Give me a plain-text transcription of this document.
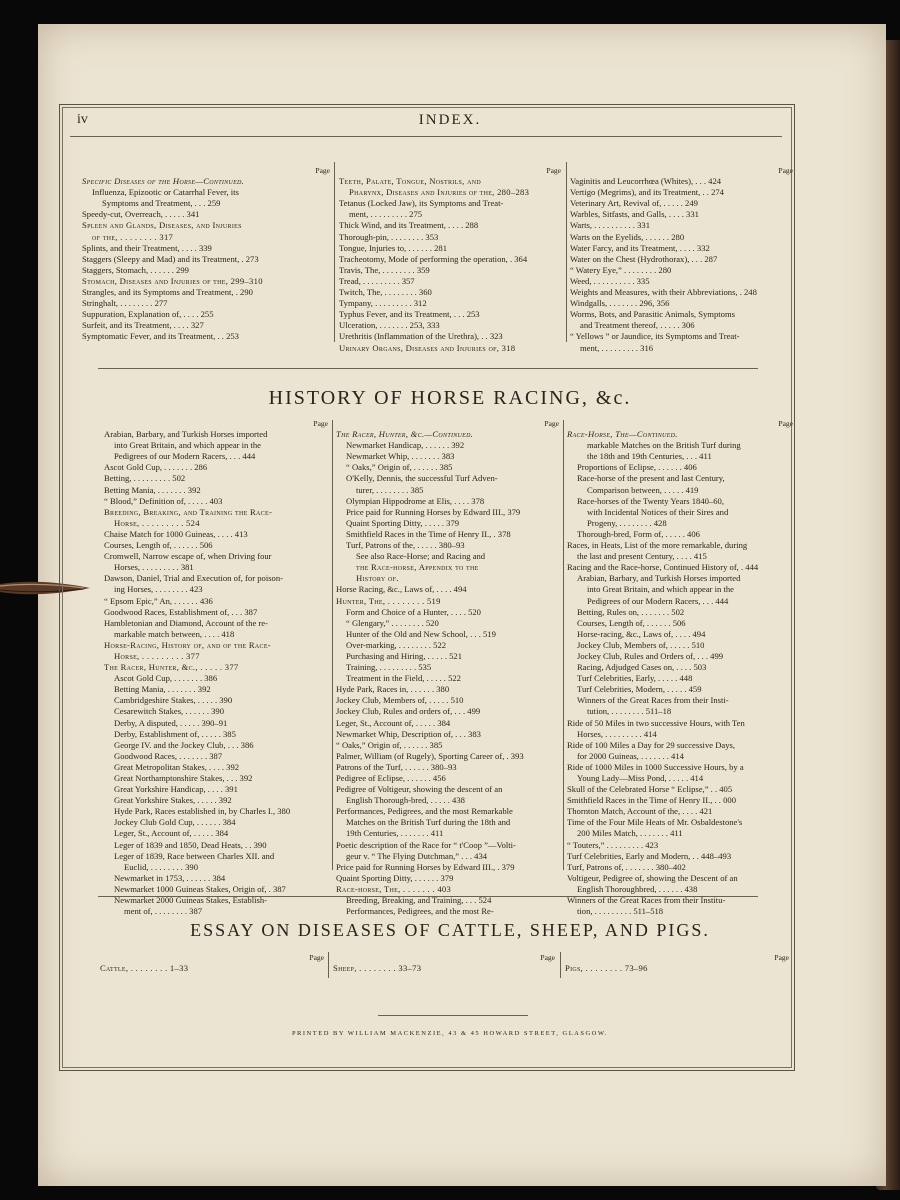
iv	INDEX.
Page
Specific Diseases of the Horse—Continued.
Influenza, Epizootic or Catarrhal Fever, its
Symptoms and Treatment, . . . 259
Speedy-cut, Overreach, . . . . . 341
Spleen and Glands, Diseases, and Injuries
of the, . . . . . . . . 317
Splints, and their Treatment, . . . . 339
Staggers (Sleepy and Mad) and its Treatment, . 273
Staggers, Stomach, . . . . . . 299
Stomach, Diseases and Injuries of the, 299–310
Strangles, and its Symptoms and Treatment, . 290
Stringhalt, . . . . . . . . 277
Suppuration, Explanation of, . . . . 255
Surfeit, and its Treatment, . . . . 327
Symptomatic Fever, and its Treatment, . . 253
Page
Teeth, Palate, Tongue, Nostrils, and
Pharynx, Diseases and Injuries of the, 280–283
Tetanus (Locked Jaw), its Symptoms and Treat-
ment, . . . . . . . . . 275
Thick Wind, and its Treatment, . . . . 288
Thorough-pin, . . . . . . . . 353
Tongue, Injuries to, . . . . . . 281
Tracheotomy, Mode of performing the operation, . 364
Travis, The, . . . . . . . . 359
Tread, . . . . . . . . . 357
Twitch, The, . . . . . . . . 360
Tympany, . . . . . . . . . 312
Typhus Fever, and its Treatment, . . . 253
Ulceration, . . . . . . . 253, 333
Urethritis (Inflammation of the Urethra), . . 323
Urinary Organs, Diseases and Injuries of, 318
Page
Vaginitis and Leucorrhœa (Whites), . . . 424
Vertigo (Megrims), and its Treatment, . . 274
Veterinary Art, Revival of, . . . . . 249
Warbles, Sitfasts, and Galls, . . . . 331
Warts, . . . . . . . . . . 331
Warts on the Eyelids, . . . . . . 280
Water Farcy, and its Treatment, . . . . 332
Water on the Chest (Hydrothorax), . . . 287
“ Watery Eye,” . . . . . . . . 280
Weed, . . . . . . . . . . 335
Weights and Measures, with their Abbreviations, . 248
Windgalls, . . . . . . . 296, 356
Worms, Bots, and Parasitic Animals, Symptoms
and Treatment thereof, . . . . . 306
“ Yellows ” or Jaundice, its Symptoms and Treat-
ment, . . . . . . . . . 316
HISTORY OF HORSE RACING, &c.
Page
Arabian, Barbary, and Turkish Horses imported
into Great Britain, and which appear in the
Pedigrees of our Modern Racers, . . . 444
Ascot Gold Cup, . . . . . . . 286
Betting, . . . . . . . . . 502
Betting Mania, . . . . . . . 392
“ Blood,” Definition of, . . . . . 403
Breeding, Breaking, and Training the Race-
Horse, . . . . . . . . . 524
Chaise Match for 1000 Guineas, . . . . 413
Courses, Length of, . . . . . . 506
Cromwell, Narrow escape of, when Driving four
Horses, . . . . . . . . . 381
Dawson, Daniel, Trial and Execution of, for poison-
ing Horses, . . . . . . . . 423
“ Epsom Epic,” An, . . . . . . 436
Goodwood Races, Establishment of, . . . 387
Hambletonian and Diamond, Account of the re-
markable match between, . . . . 418
Horse-Racing, History of, and of the Race-
Horse, . . . . . . . . . 377
The Racer, Hunter, &c., . . . . . 377
Ascot Gold Cup, . . . . . . . 386
Betting Mania, . . . . . . . 392
Cambridgeshire Stakes, . . . . . 390
Cesarewitch Stakes, . . . . . . 390
Derby, A disputed, . . . . . 390–91
Derby, Establishment of, . . . . . 385
George IV. and the Jockey Club, . . . 386
Goodwood Races, . . . . . . . 387
Great Metropolitan Stakes, . . . . 392
Great Northamptonshire Stakes, . . . 392
Great Yorkshire Handicap, . . . . 391
Great Yorkshire Stakes, . . . . . 392
Hyde Park, Races established in, by Charles I., 380
Jockey Club Gold Cup, . . . . . . 384
Leger, St., Account of, . . . . . 384
Leger of 1839 and 1850, Dead Heats, . . 390
Leger of 1839, Race between Charles XII. and
Euclid, . . . . . . . . 390
Newmarket in 1753, . . . . . . 384
Newmarket 1000 Guineas Stakes, Origin of, . 387
Newmarket 2000 Guineas Stakes, Establish-
ment of, . . . . . . . . 387
Page
The Racer, Hunter, &c.—Continued.
Newmarket Handicap, . . . . . . 392
Newmarket Whip, . . . . . . . 383
“ Oaks,” Origin of, . . . . . . 385
O'Kelly, Dennis, the successful Turf Adven-
turer, . . . . . . . . 385
Olympian Hippodrome at Elis, . . . . 378
Price paid for Running Horses by Edward III., 379
Quaint Sporting Ditty, . . . . . 379
Smithfield Races in the Time of Henry II., . 378
Turf, Patrons of the, . . . . . 380–93
See also Race-Horse; and Racing and
the Race-horse, Appendix to the
History of.
Horse Racing, &c., Laws of, . . . . 494
Hunter, The, . . . . . . . . 519
Form and Choice of a Hunter, . . . . 520
“ Glengary,” . . . . . . . . 520
Hunter of the Old and New School, . . . 519
Over-marking, . . . . . . . . 522
Purchasing and Hiring, . . . . . 521
Training, . . . . . . . . . 535
Treatment in the Field, . . . . . 522
Hyde Park, Races in, . . . . . . 380
Jockey Club, Members of, . . . . . 510
Jockey Club, Rules and orders of, . . . 499
Leger, St., Account of, . . . . . 384
Newmarket Whip, Description of, . . . 383
“ Oaks,” Origin of, . . . . . . 385
Palmer, William (of Rugely), Sporting Career of, . 393
Patrons of the Turf, . . . . . . 380–93
Pedigree of Eclipse, . . . . . . 456
Pedigree of Voltigeur, showing the descent of an
English Thorough-bred, . . . . . 438
Performances, Pedigrees, and the most Remarkable
Matches on the British Turf during the 18th and
19th Centuries, . . . . . . . 411
Poetic description of the Race for “ t'Coop ”—Volti-
geur v. “ The Flying Dutchman,” . . . 434
Price paid for Running Horses by Edward III., . 379
Quaint Sporting Ditty, . . . . . . 379
Race-horse, The, . . . . . . . 403
Breeding, Breaking, and Training, . . . 524
Performances, Pedigrees, and the most Re-
Page
Race-Horse, The—Continued.
markable Matches on the British Turf during
the 18th and 19th Centuries, . . . 411
Proportions of Eclipse, . . . . . . 406
Race-horse of the present and last Century,
Comparison between, . . . . . 419
Race-horses of the Twenty Years 1840–60,
with Incidental Notices of their Sires and
Progeny, . . . . . . . . 428
Thorough-bred, Form of, . . . . . 406
Races, in Heats, List of the more remarkable, during
the last and present Century, . . . . 415
Racing and the Race-horse, Continued History of, . 444
Arabian, Barbary, and Turkish Horses imported
into Great Britain, and which appear in the
Pedigrees of our Modern Racers, . . . 444
Betting, Rules on, . . . . . . . 502
Courses, Length of, . . . . . . 506
Horse-racing, &c., Laws of, . . . . 494
Jockey Club, Members of, . . . . . 510
Jockey Club, Rules and Orders of, . . . 499
Racing, Adjudged Cases on, . . . . 503
Turf Celebrities, Early, . . . . . 448
Turf Celebrities, Modern, . . . . . 459
Winners of the Great Races from their Insti-
tution, . . . . . . . . 511–18
Ride of 50 Miles in two successive Hours, with Ten
Horses, . . . . . . . . . 414
Ride of 100 Miles a Day for 29 successive Days,
for 2000 Guineas, . . . . . . . 414
Ride of 1000 Miles in 1000 Successive Hours, by a
Young Lady—Miss Pond, . . . . . 414
Skull of the Celebrated Horse “ Eclipse,” . . 405
Smithfield Races in the Time of Henry II., . . 000
Thornton Match, Account of the, . . . . 421
Time of the Four Mile Heats of Mr. Osbaldestone's
200 Miles Match, . . . . . . . 411
“ Touters,” . . . . . . . . . 423
Turf Celebrities, Early and Modern, . . 448–493
Turf, Patrons of, . . . . . . . 380–402
Voltigeur, Pedigree of, showing the Descent of an
English Thoroughbred, . . . . . . 438
Winners of the Great Races from their Institu-
tion, . . . . . . . . . 511–518
ESSAY ON DISEASES OF CATTLE, SHEEP, AND PIGS.
Page
Cattle, . . . . . . . . 1–33
Page
Sheep, . . . . . . . . 33–73
Page
Pigs, . . . . . . . . 73–96
PRINTED BY WILLIAM MACKENZIE, 43 & 45 HOWARD STREET, GLASGOW.
